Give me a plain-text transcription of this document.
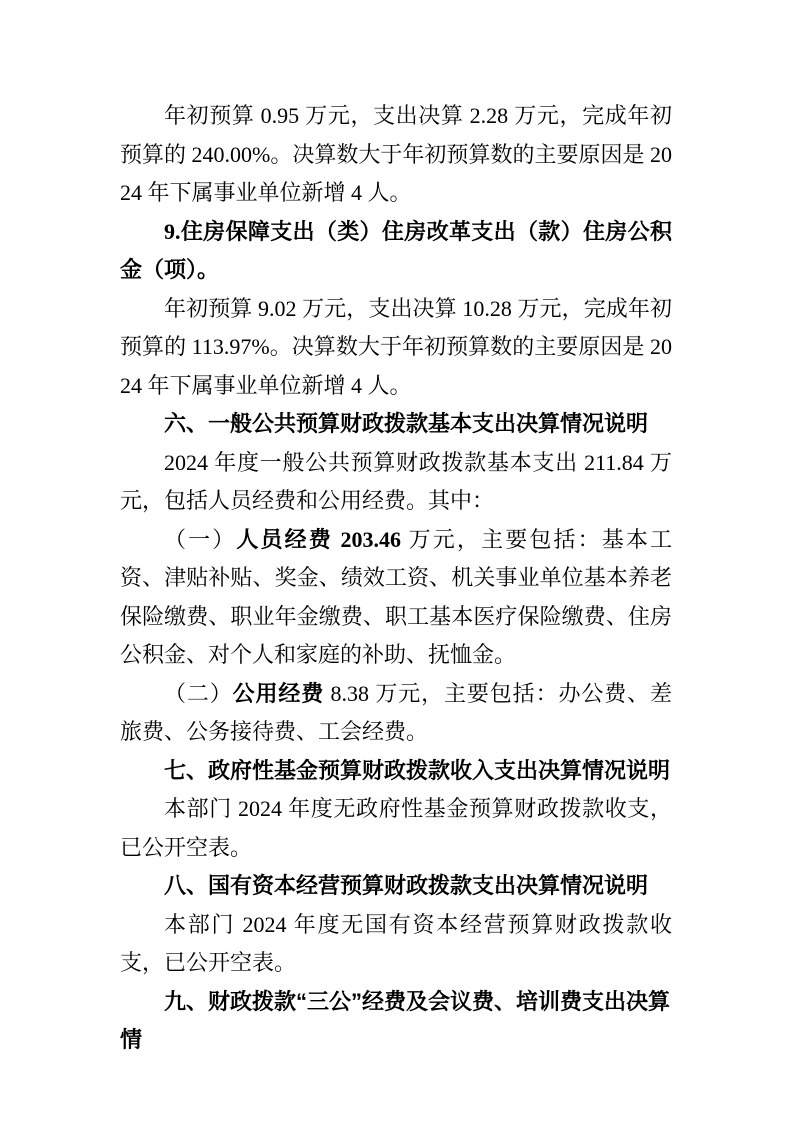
年初预算 0.95 万元，支出决算 2.28 万元，完成年初预算的 240.00%。决算数大于年初预算数的主要原因是 2024 年下属事业单位新增 4 人。

9.住房保障支出（类）住房改革支出（款）住房公积金（项）。

年初预算 9.02 万元，支出决算 10.28 万元，完成年初预算的 113.97%。决算数大于年初预算数的主要原因是 2024 年下属事业单位新增 4 人。

六、一般公共预算财政拨款基本支出决算情况说明

2024 年度一般公共预算财政拨款基本支出 211.84 万元，包括人员经费和公用经费。其中：

（一）人员经费 203.46 万元，主要包括：基本工资、津贴补贴、奖金、绩效工资、机关事业单位基本养老保险缴费、职业年金缴费、职工基本医疗保险缴费、住房公积金、对个人和家庭的补助、抚恤金。

（二）公用经费 8.38 万元，主要包括：办公费、差旅费、公务接待费、工会经费。

七、政府性基金预算财政拨款收入支出决算情况说明

本部门 2024 年度无政府性基金预算财政拨款收支，已公开空表。

八、国有资本经营预算财政拨款支出决算情况说明

本部门 2024 年度无国有资本经营预算财政拨款收支，已公开空表。

九、财政拨款“三公”经费及会议费、培训费支出决算情
